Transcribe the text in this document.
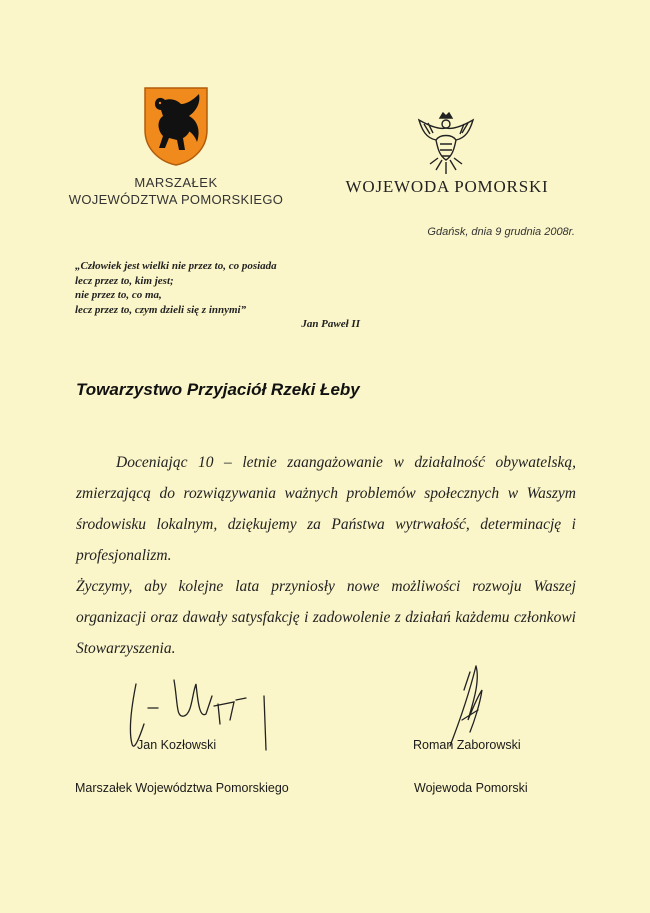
MARSZAŁEK
WOJEWÓDZTWA POMORSKIEGO
WOJEWODA POMORSKI
Gdańsk, dnia 9 grudnia 2008r.
„Człowiek jest wielki nie przez to, co posiada
lecz przez to, kim jest;
nie przez to, co ma,
lecz przez to, czym dzieli się z innymi”
Jan Paweł II
Towarzystwo Przyjaciół Rzeki Łeby

Doceniając 10 – letnie zaangażowanie w działalność obywatelską, zmierzającą do rozwiązywania ważnych problemów społecznych w Waszym środowisku lokalnym, dziękujemy za Państwa wytrwałość, determinację i profesjonalizm.

Życzymy, aby kolejne lata przyniosły nowe możliwości rozwoju Waszej organizacji oraz dawały satysfakcję i zadowolenie z działań każdemu członkowi Stowarzyszenia.

Jan Kozłowski	Roman Zaborowski
Marszałek Województwa Pomorskiego	Wojewoda Pomorski
